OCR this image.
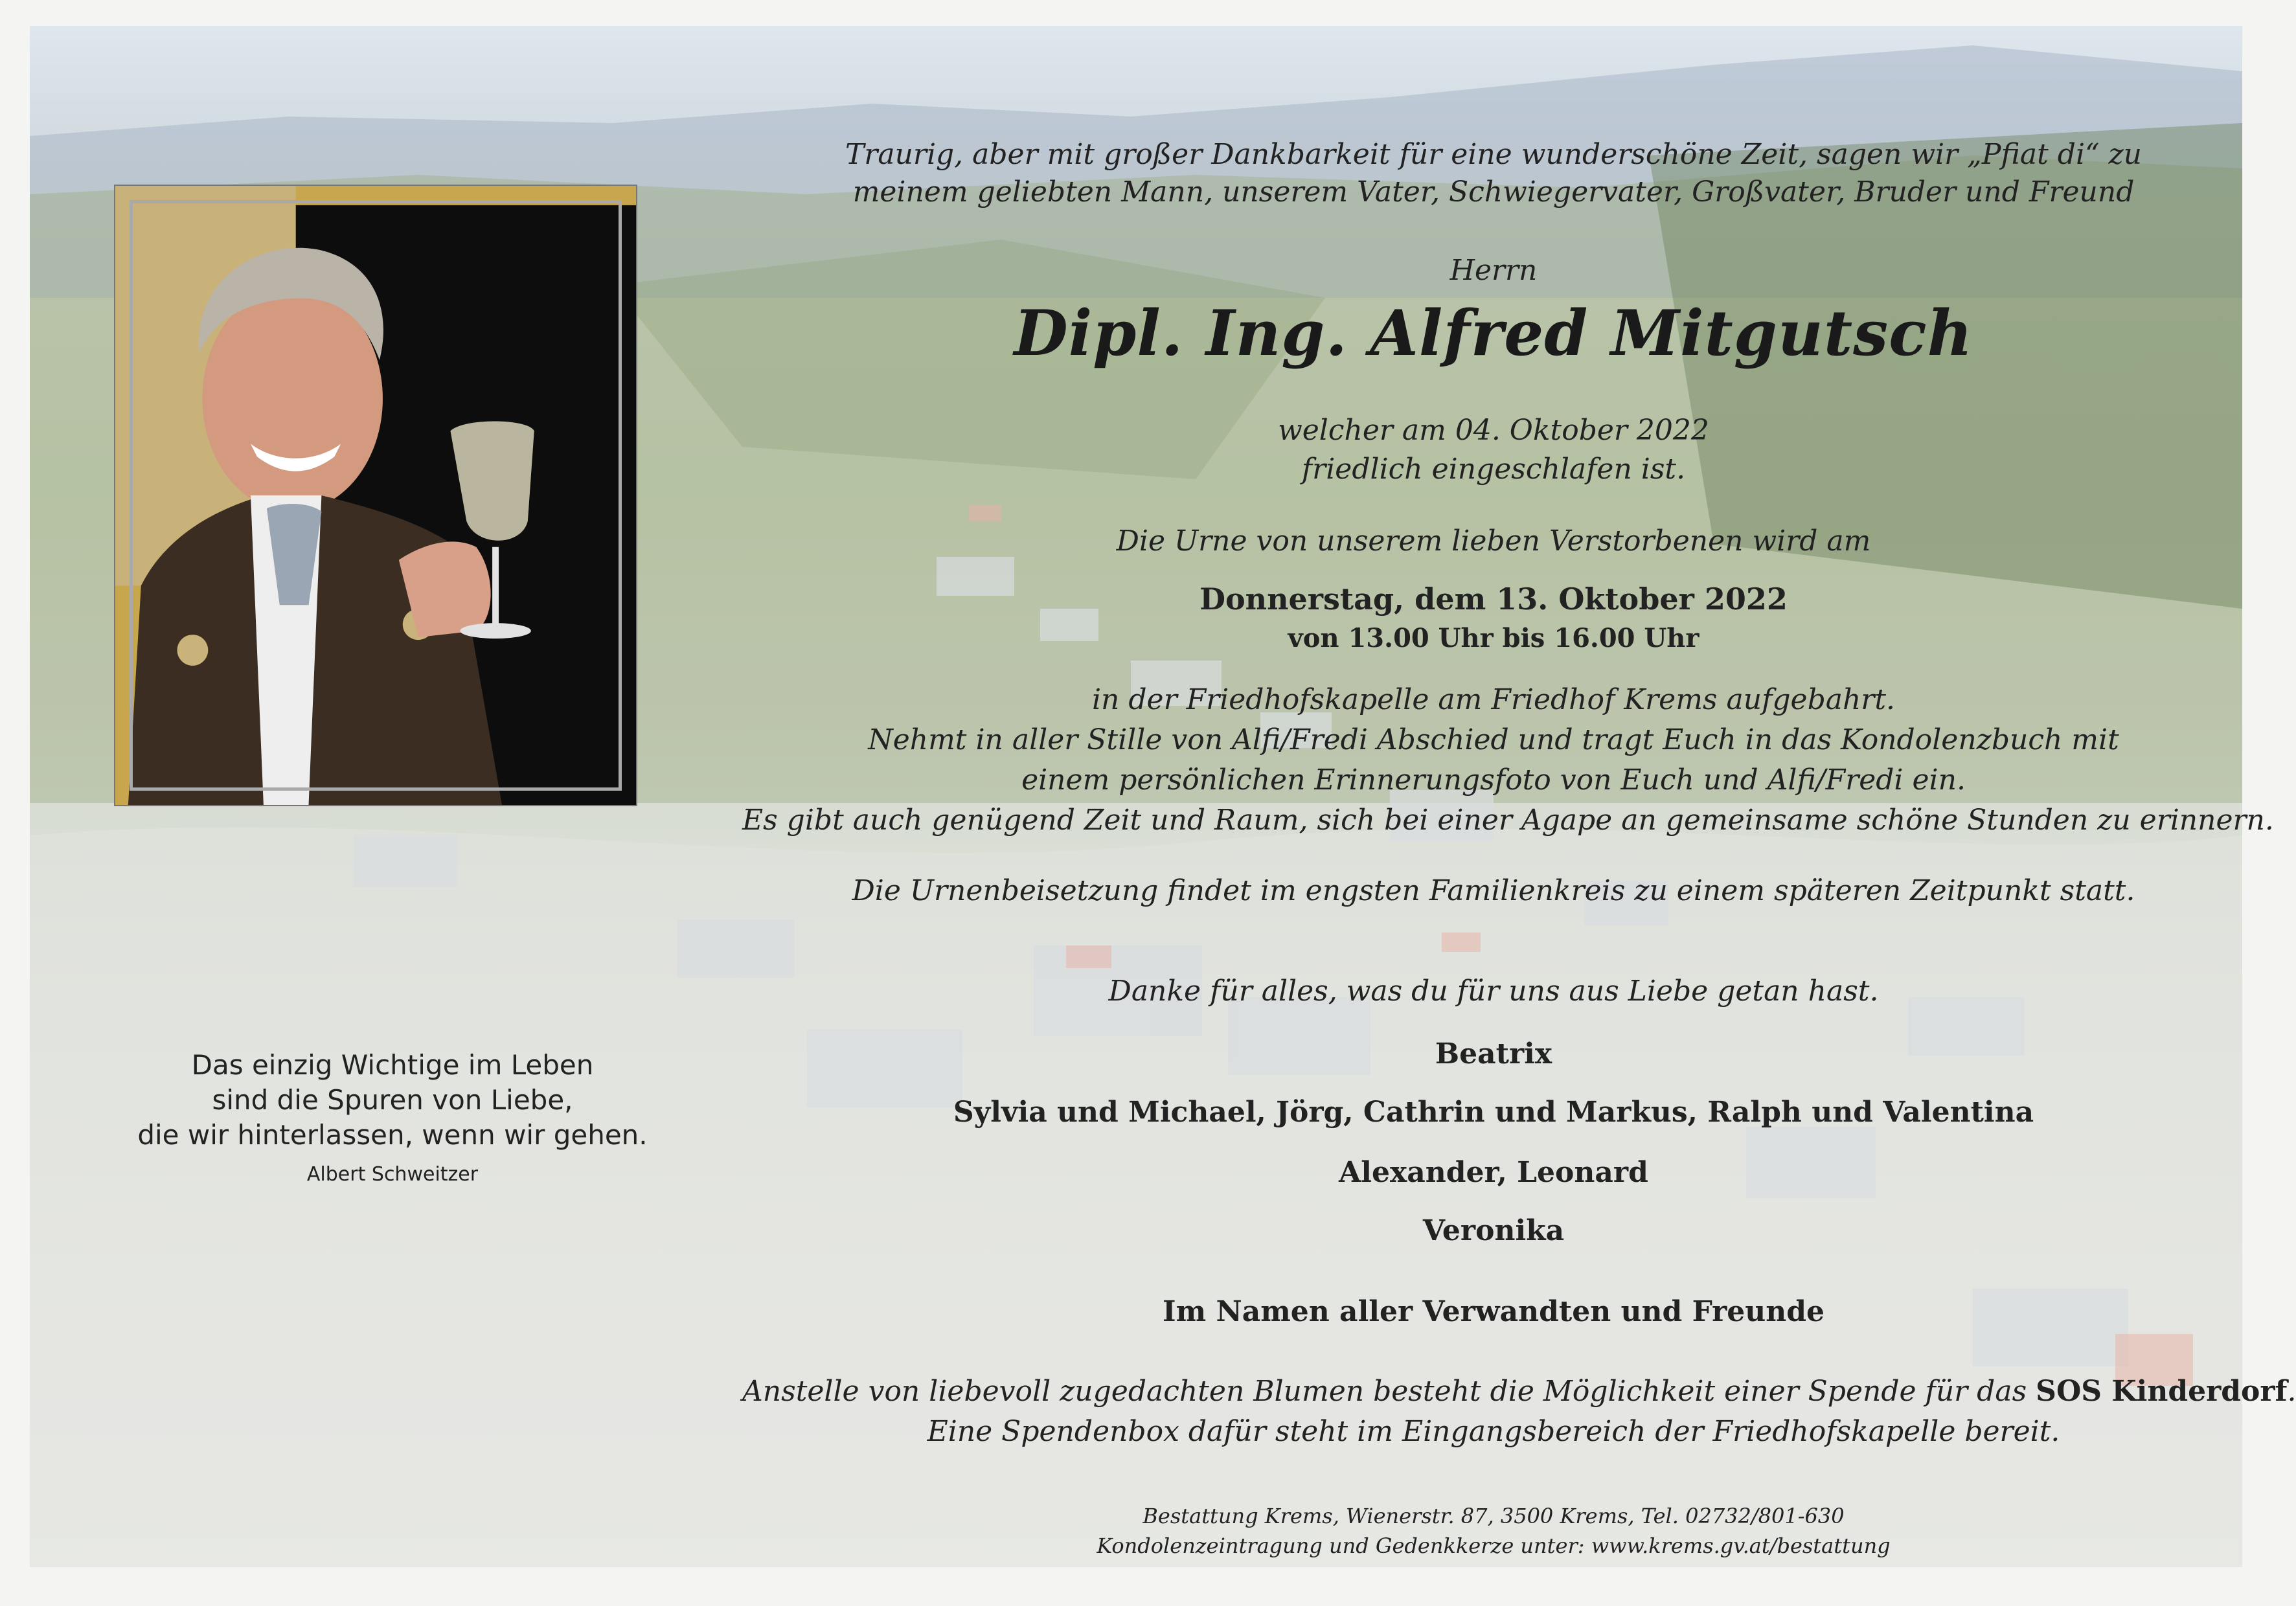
Das einzig Wichtige im Leben
sind die Spuren von Liebe,
die wir hinterlassen, wenn wir gehen.
Albert Schweitzer
Traurig, aber mit großer Dankbarkeit für eine wunderschöne Zeit, sagen wir „Pfiat di“ zu
meinem geliebten Mann, unserem Vater, Schwiegervater, Großvater, Bruder und Freund
Herrn
Dipl. Ing. Alfred Mitgutsch
welcher am 04. Oktober 2022
friedlich eingeschlafen ist.
Die Urne von unserem lieben Verstorbenen wird am
Donnerstag, dem 13. Oktober 2022
von 13.00 Uhr bis 16.00 Uhr
in der Friedhofskapelle am Friedhof Krems aufgebahrt.
Nehmt in aller Stille von Alfi/Fredi Abschied und tragt Euch in das Kondolenzbuch mit
einem persönlichen Erinnerungsfoto von Euch und Alfi/Fredi ein.
Es gibt auch genügend Zeit und Raum, sich bei einer Agape an gemeinsame schöne Stunden zu erinnern.
Die Urnenbeisetzung findet im engsten Familienkreis zu einem späteren Zeitpunkt statt.
Danke für alles, was du für uns aus Liebe getan hast.
Beatrix
Sylvia und Michael, Jörg, Cathrin und Markus, Ralph und Valentina
Alexander, Leonard
Veronika
Im Namen aller Verwandten und Freunde
Anstelle von liebevoll zugedachten Blumen besteht die Möglichkeit einer Spende für das SOS Kinderdorf.
Eine Spendenbox dafür steht im Eingangsbereich der Friedhofskapelle bereit.
Bestattung Krems, Wienerstr. 87, 3500 Krems, Tel. 02732/801-630
Kondolenzeintragung und Gedenkkerze unter: www.krems.gv.at/bestattung
